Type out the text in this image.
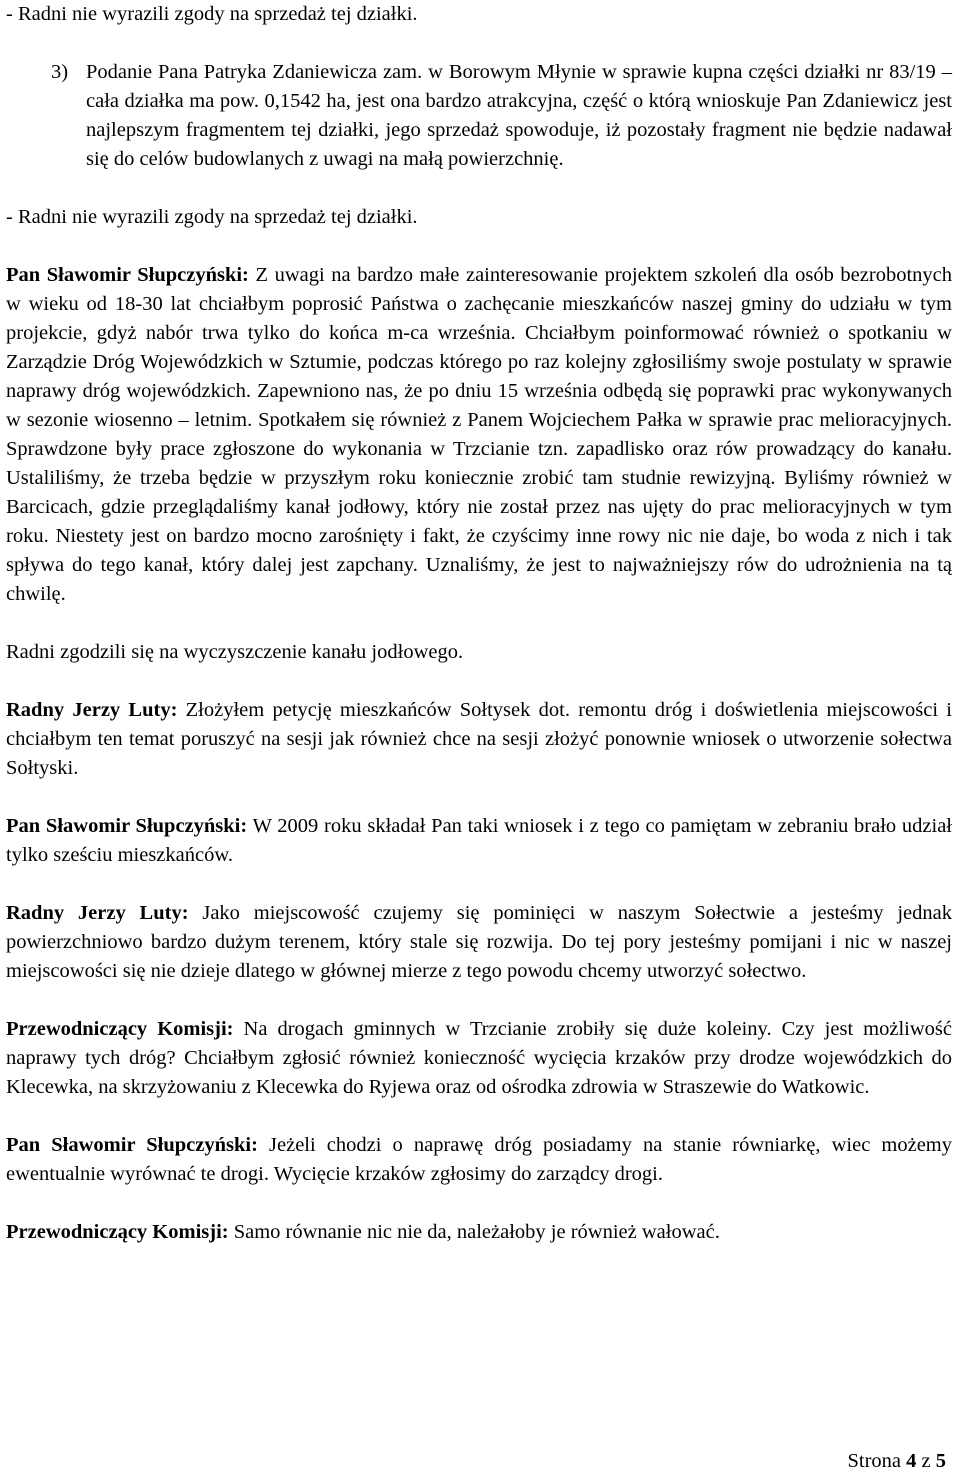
- Radni nie wyrazili zgody na sprzedaż tej działki.

3) Podanie Pana Patryka Zdaniewicza zam. w Borowym Młynie w sprawie kupna części działki nr 83/19 – cała działka ma pow. 0,1542 ha, jest ona bardzo atrakcyjna, część o którą wnioskuje Pan Zdaniewicz jest najlepszym fragmentem tej działki, jego sprzedaż spowoduje, iż pozostały fragment nie będzie nadawał się do celów budowlanych z uwagi na małą powierzchnię.

- Radni nie wyrazili zgody na sprzedaż tej działki.

Pan Sławomir Słupczyński: Z uwagi na bardzo małe zainteresowanie projektem szkoleń dla osób bezrobotnych w wieku od 18-30 lat chciałbym poprosić Państwa o zachęcanie mieszkańców naszej gminy do udziału w tym projekcie, gdyż nabór trwa tylko do końca m-ca września. Chciałbym poinformować również o spotkaniu w Zarządzie Dróg Wojewódzkich w Sztumie, podczas którego po raz kolejny zgłosiliśmy swoje postulaty w sprawie naprawy dróg wojewódzkich. Zapewniono nas, że po dniu 15 września odbędą się poprawki prac wykonywanych w sezonie wiosenno – letnim. Spotkałem się również z Panem Wojciechem Pałka w sprawie prac melioracyjnych. Sprawdzone były prace zgłoszone do wykonania w Trzcianie tzn. zapadlisko oraz rów prowadzący do kanału. Ustaliliśmy, że trzeba będzie w przyszłym roku koniecznie zrobić tam studnie rewizyjną. Byliśmy również w Barcicach, gdzie przeglądaliśmy kanał jodłowy, który nie został przez nas ujęty do prac melioracyjnych w tym roku. Niestety jest on bardzo mocno zarośnięty i fakt, że czyścimy inne rowy nic nie daje, bo woda z nich i tak spływa do tego kanał, który dalej jest zapchany. Uznaliśmy, że jest to najważniejszy rów do udrożnienia na tą chwilę.

Radni zgodzili się na wyczyszczenie kanału jodłowego.

Radny Jerzy Luty: Złożyłem petycję mieszkańców Sołtysek dot. remontu dróg i doświetlenia miejscowości i chciałbym ten temat poruszyć na sesji jak również chce na sesji złożyć ponownie wniosek o utworzenie sołectwa Sołtyski.

Pan Sławomir Słupczyński: W 2009 roku składał Pan taki wniosek i z tego co pamiętam w zebraniu brało udział tylko sześciu mieszkańców.

Radny Jerzy Luty: Jako miejscowość czujemy się pominięci w naszym Sołectwie a jesteśmy jednak powierzchniowo bardzo dużym terenem, który stale się rozwija. Do tej pory jesteśmy pomijani i nic w naszej miejscowości się nie dzieje dlatego w głównej mierze z tego powodu chcemy utworzyć sołectwo.

Przewodniczący Komisji: Na drogach gminnych w Trzcianie zrobiły się duże koleiny. Czy jest możliwość naprawy tych dróg? Chciałbym zgłosić również konieczność wycięcia krzaków przy drodze wojewódzkich do Klecewka, na skrzyżowaniu z Klecewka do Ryjewa oraz od ośrodka zdrowia w Straszewie do Watkowic.

Pan Sławomir Słupczyński: Jeżeli chodzi o naprawę dróg posiadamy na stanie równiarkę, wiec możemy ewentualnie wyrównać te drogi. Wycięcie krzaków zgłosimy do zarządcy drogi.

Przewodniczący Komisji: Samo równanie nic nie da, należałoby je również wałować.

Strona 4 z 5
